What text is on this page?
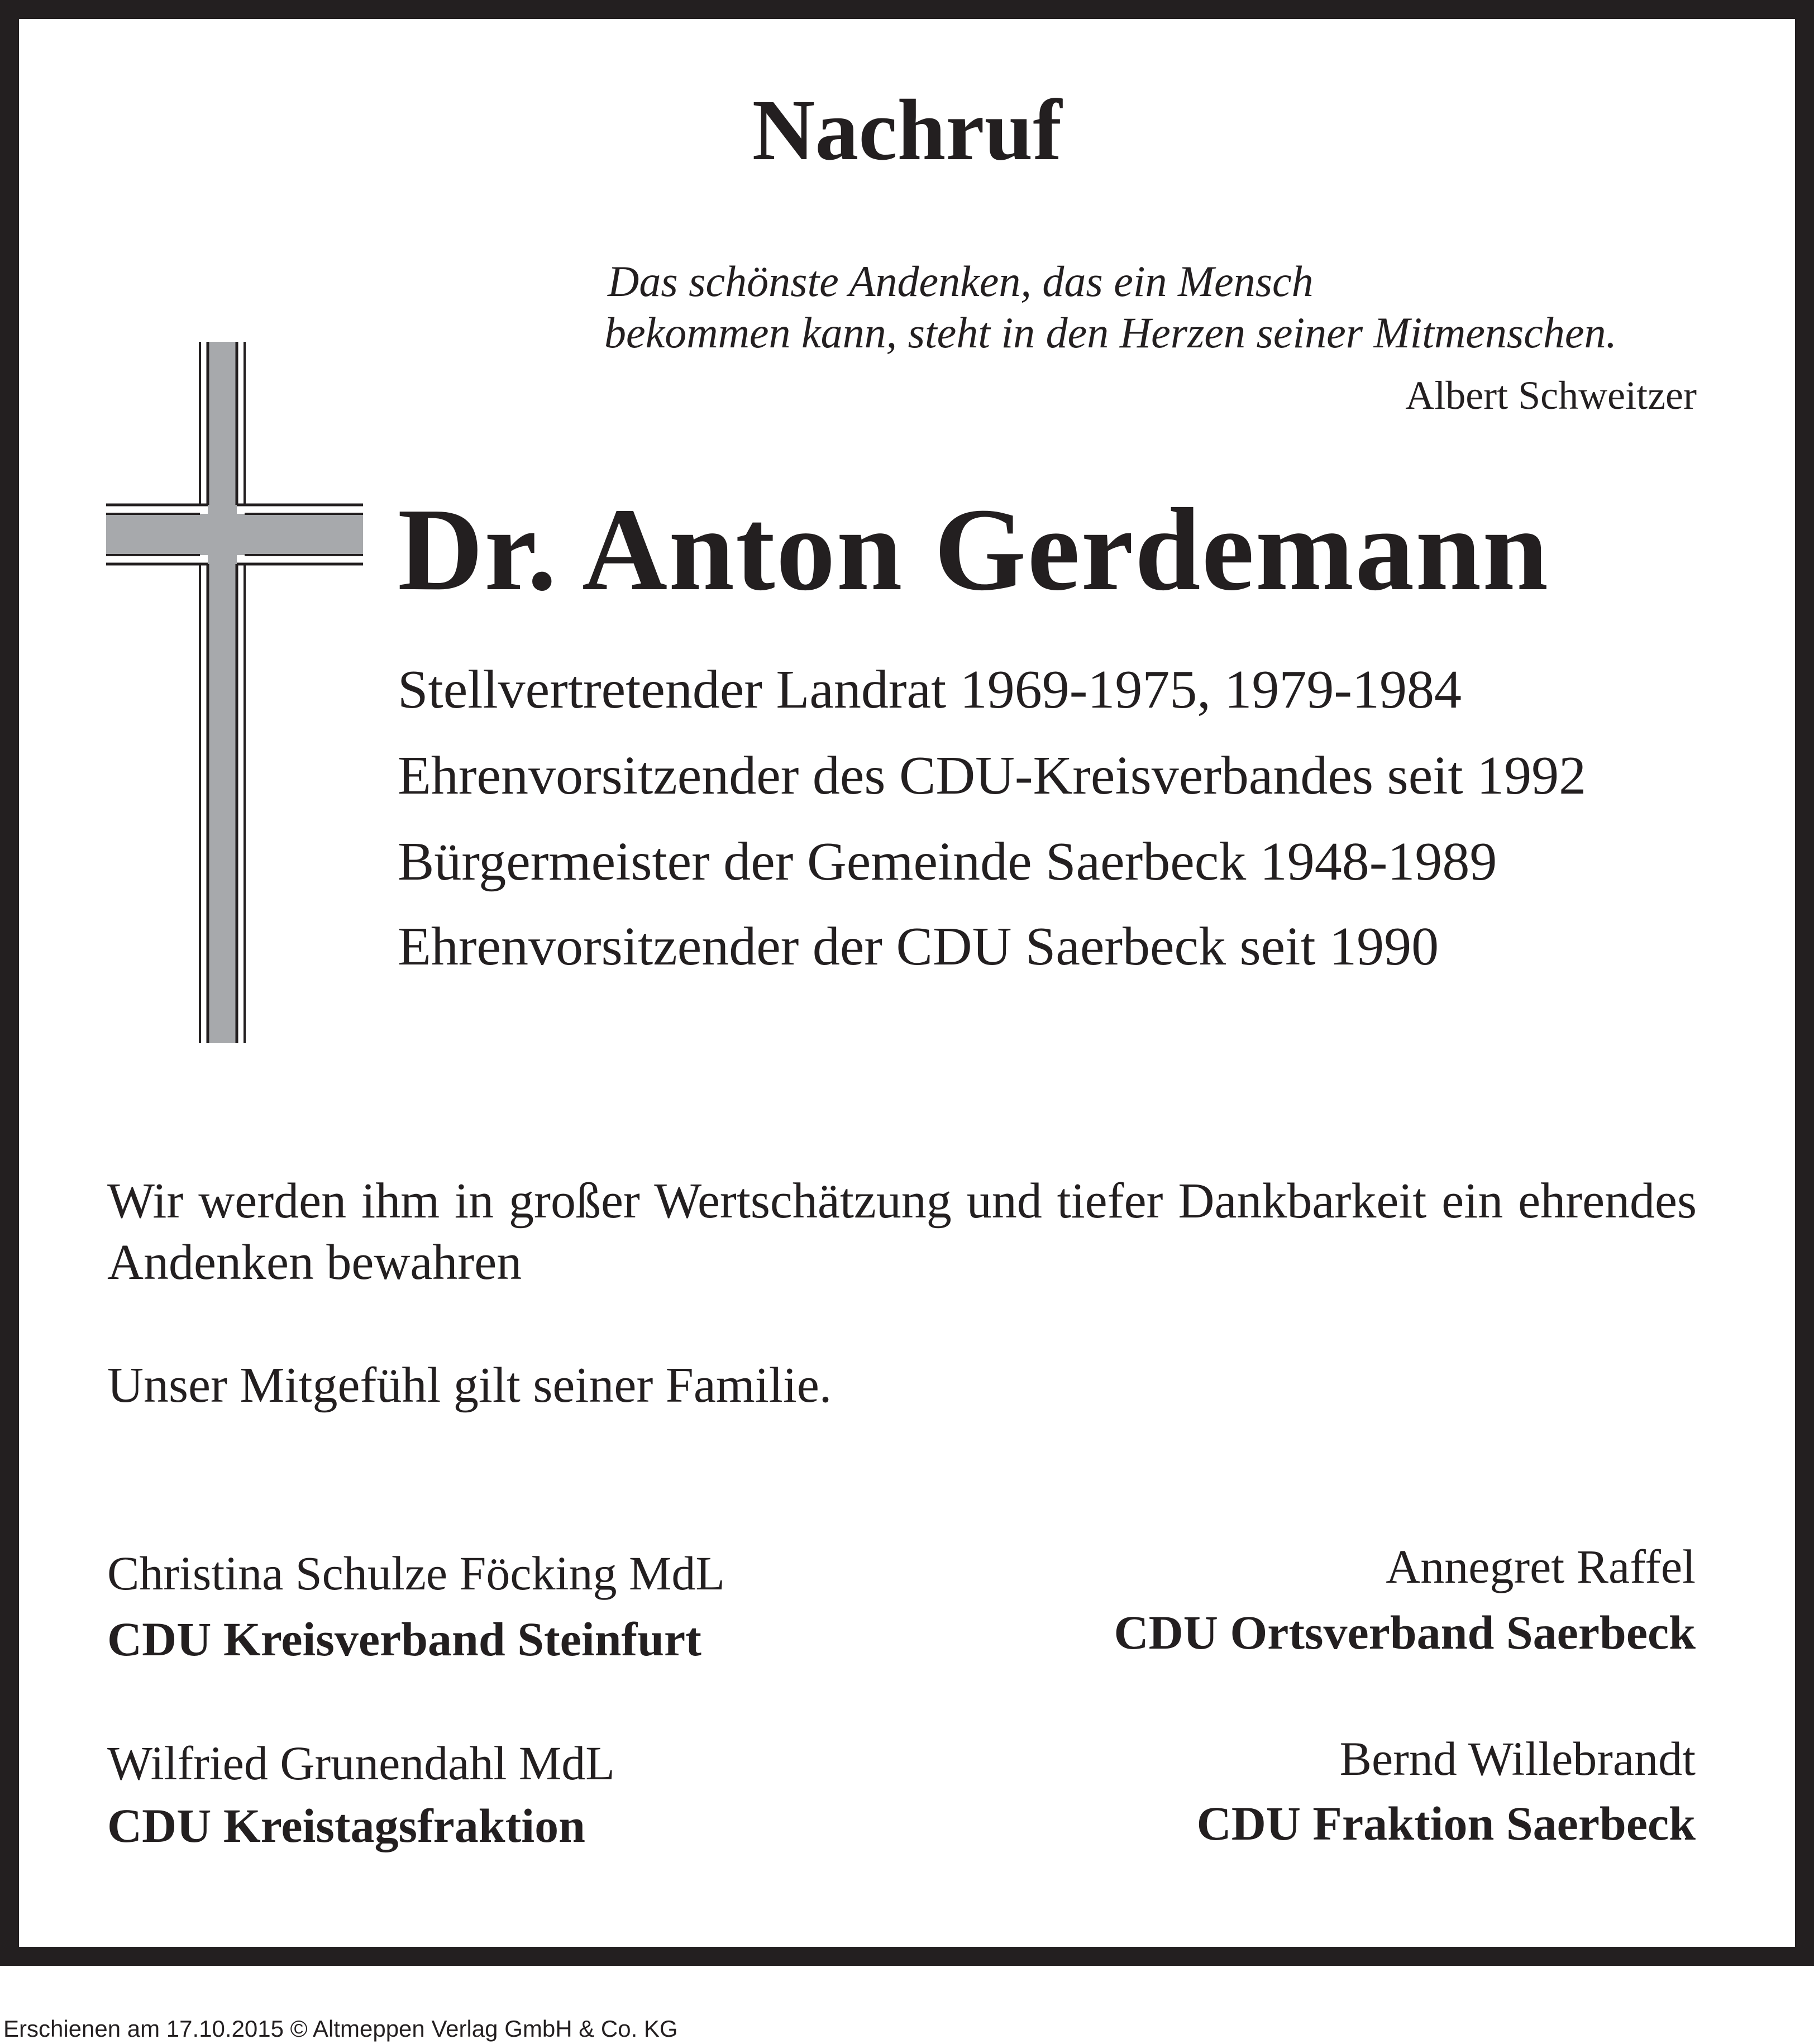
Nachruf
Das schönste Andenken, das ein Mensch
bekommen kann, steht in den Herzen seiner Mitmenschen.
Albert Schweitzer
Dr. Anton Gerdemann
Stellvertretender Landrat 1969-1975, 1979-1984
Ehrenvorsitzender des CDU-Kreisverbandes seit 1992
Bürgermeister der Gemeinde Saerbeck 1948-1989
Ehrenvorsitzender der CDU Saerbeck seit 1990
Wir werden ihm in großer Wertschätzung und tiefer Dankbarkeit ein ehrendes Andenken bewahren
Unser Mitgefühl gilt seiner Familie.
Christina Schulze Föcking MdL
CDU Kreisverband Steinfurt
Wilfried Grunendahl MdL
CDU Kreistagsfraktion
Annegret Raffel
CDU Ortsverband Saerbeck
Bernd Willebrandt
CDU Fraktion Saerbeck
Erschienen am 17.10.2015 © Altmeppen Verlag GmbH & Co. KG
